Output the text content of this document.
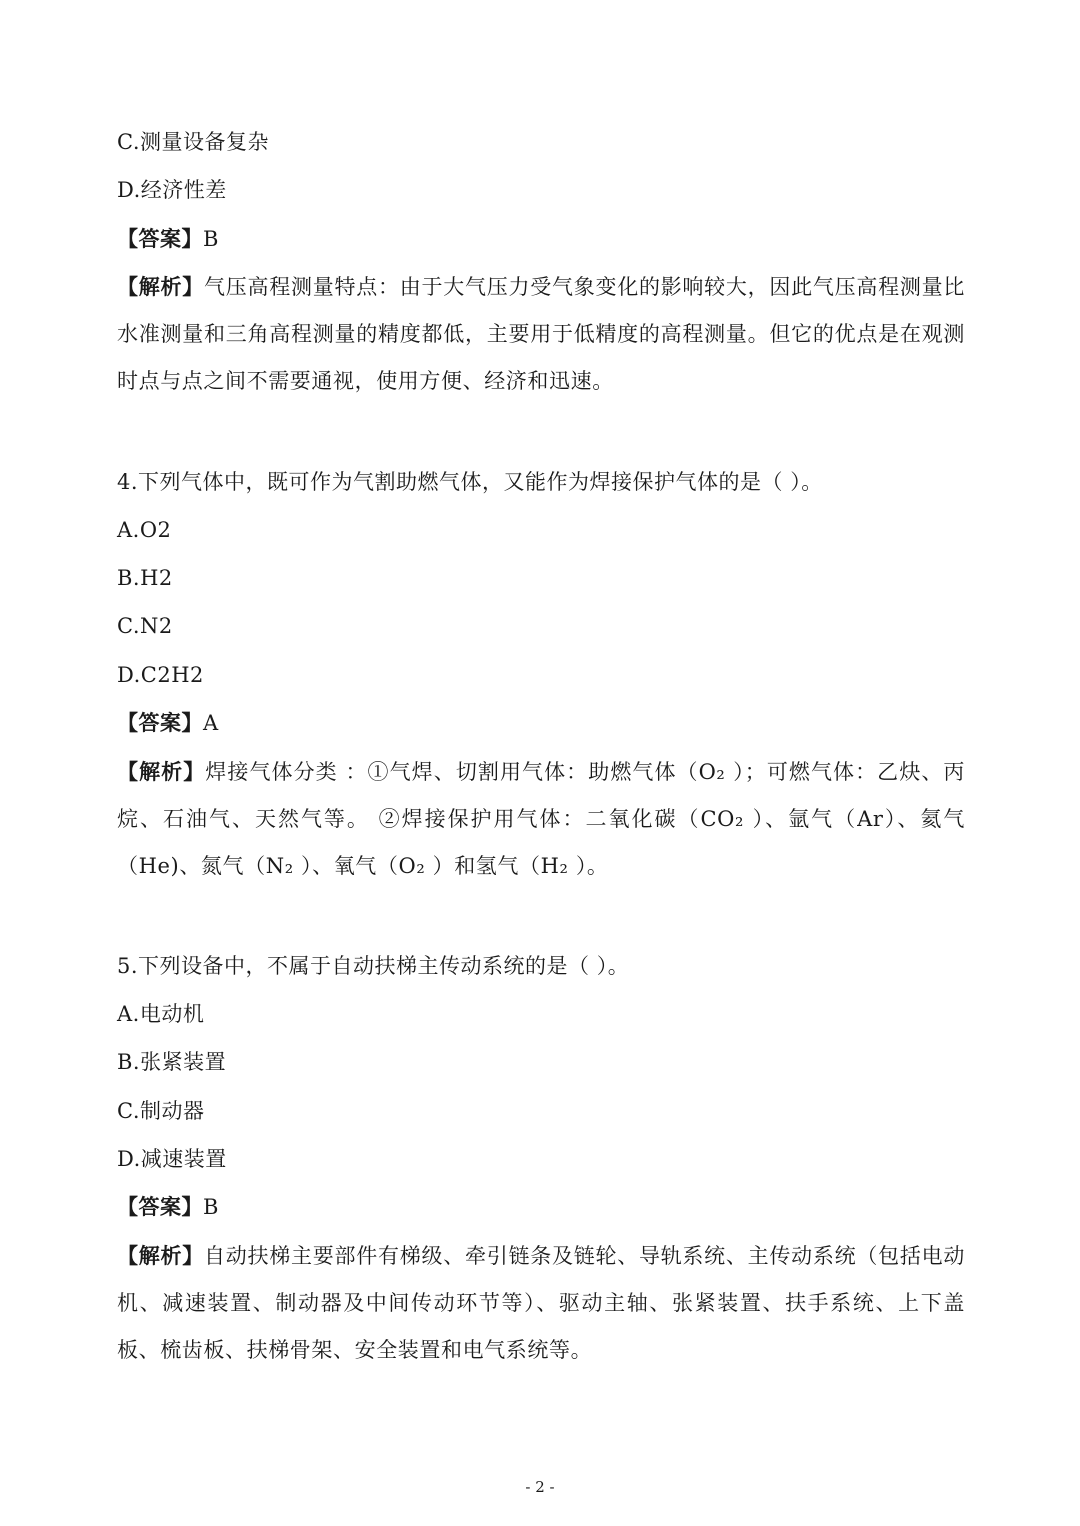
C.测量设备复杂
D.经济性差
【答案】B
【解析】气压高程测量特点：由于大气压力受气象变化的影响较大，因此气压高程测量比水准测量和三角高程测量的精度都低，主要用于低精度的高程测量。但它的优点是在观测时点与点之间不需要通视，使用方便、经济和迅速。
4.下列气体中，既可作为气割助燃气体，又能作为焊接保护气体的是（ ）。
A.O2
B.H2
C.N2
D.C2H2
【答案】A
【解析】焊接气体分类 ：①气焊、切割用气体：助燃气体（O₂ ）；可燃气体：乙炔、丙烷、石油气、天然气等。 ②焊接保护用气体：二氧化碳（CO₂ ）、氩气（Ar）、氦气（He)、氮气（N₂ ）、氧气（O₂ ）和氢气（H₂ ）。
5.下列设备中，不属于自动扶梯主传动系统的是（ ）。
A.电动机
B.张紧装置
C.制动器
D.减速装置
【答案】B
【解析】自动扶梯主要部件有梯级、牵引链条及链轮、导轨系统、主传动系统（包括电动机、减速装置、制动器及中间传动环节等）、驱动主轴、张紧装置、扶手系统、上下盖板、梳齿板、扶梯骨架、安全装置和电气系统等。
- 2 -
